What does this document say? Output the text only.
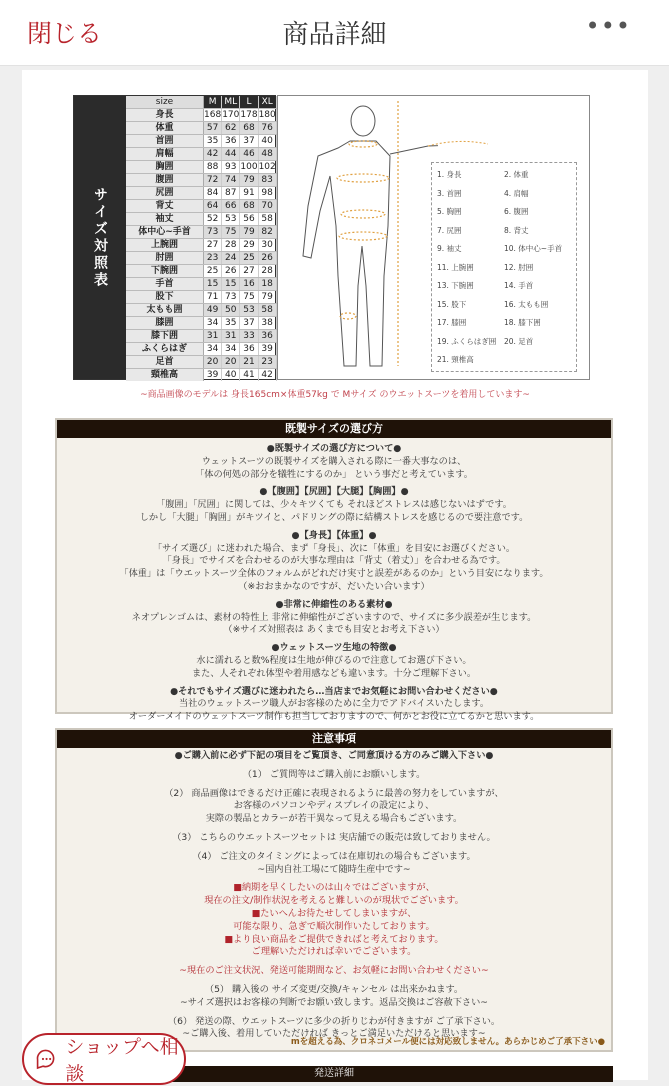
閉じる	商品詳細	•••
サイズ対照表
size	M ML	L	XL
身長	168 170 178 180
体重	57 62 68 76
首囲	35 36 37 40
肩幅	42 44 46 48
胸囲	88 93 100 102
腹囲	72 74 79 83
尻囲	84 87 91 98
背丈	64 66 68 70
袖丈	52 53 56 58
体中心~手首	73 75 79 82
上腕囲	27 28 29 30
肘囲	23 24 25 26
下腕囲	25 26 27 28
手首	15 15 16 18
股下	71 73 75 79
太もも囲	49 50 53 58
膝囲	34 35 37 38
膝下囲	31 31 33 36
ふくらはぎ	34 34 36 39
足首	20 20 21 23
頸椎高	39 40 41 42
1. 身長	2. 体重
3. 首囲	4. 肩幅
5. 胸囲	6. 腹囲
7. 尻囲	8. 背丈
9. 袖丈	10. 体中心~手首
11. 上腕囲	12. 肘囲
13. 下腕囲	14. 手首
15. 股下	16. 太もも囲
17. 膝囲	18. 膝下囲
19. ふくらはぎ囲	20. 足首
21. 頸椎高
~商品画像のモデルは 身長165cm×体重57kg で Mサイズ のウエットスーツを着用しています~
既製サイズの選び方
●既製サイズの選び方について●
ウェットスーツの既製サイズを購入される際に一番大事なのは、
「体の何処の部分を犠牲にするのか」 という事だと考えています。
●【腹囲】【尻囲】【大腿】【胸囲】●
「腹囲」「尻囲」に関しては、少々キツくても それほどストレスは感じないはずです。
しかし「大腿」「胸囲」がキツイと、パドリングの際に結構ストレスを感じるので要注意です。
●【身長】【体重】●
「サイズ選び」に迷われた場合、まず「身長」、次に「体重」を目安にお選びください。
「身長」でサイズを合わせるのが大事な理由は「背丈（着丈）」を合わせる為です。
「体重」は「ウエットスーツ全体のフォルムがどれだけ実寸と誤差があるのか」という目安になります。
（※おおまかなのですが、だいたい合います）
●非常に伸縮性のある素材●
ネオプレンゴムは、素材の特性上 非常に伸縮性がございますので、サイズに多少誤差が生じます。
（※サイズ対照表は あくまでも目安とお考え下さい）
●ウェットスーツ生地の特徴●
水に濡れると数%程度は生地が伸びるので注意してお選び下さい。
また、人それぞれ体型や着用感なども違います。十分ご理解下さい。
●それでもサイズ選びに迷われたら…当店までお気軽にお問い合わせください●
当社のウェットスーツ職人がお客様のために全力でアドバイスいたします。
オーダーメイドのウェットスーツ制作も担当しておりますので、何かとお役に立てるかと思います。
注意事項
●ご購入前に必ず下記の項目をご覧頂き、ご同意頂ける方のみご購入下さい●
（1） ご質問等はご購入前にお願いします。
（2） 商品画像はできるだけ正確に表現されるように最善の努力をしていますが、
お客様のパソコンやディスプレイの設定により、
実際の製品とカラーが若干異なって見える場合もございます。
（3） こちらのウエットスーツセットは 実店舗での販売は致しておりません。
（4） ご注文のタイミングによっては在庫切れの場合もございます。
~国内自社工場にて随時生産中です~
■納期を早くしたいのは山々ではございますが、
現在の注文/制作状況を考えると難しいのが現状でございます。
■たいへんお待たせしてしまいますが、
可能な限り、急ぎで順次制作いたしております。
■より良い商品をご提供できればと考えております。
ご理解いただければ幸いでございます。
~現在のご注文状況、発送可能期間など、お気軽にお問い合わせください~
（5） 購入後の サイズ変更/交換/キャンセル は出来かねます。
~サイズ選択はお客様の判断でお願い致します。返品交換はご容赦下さい~
（6） 発送の際、ウエットスーツに多少の折りじわが付きますが ご了承下さい。
~ご購入後、着用していただければ きっとご満足いただけると思います~
mを超える為、クロネコメール便には対応致しません。あらかじめご了承下さい●
発送詳細
ショップへ相談
